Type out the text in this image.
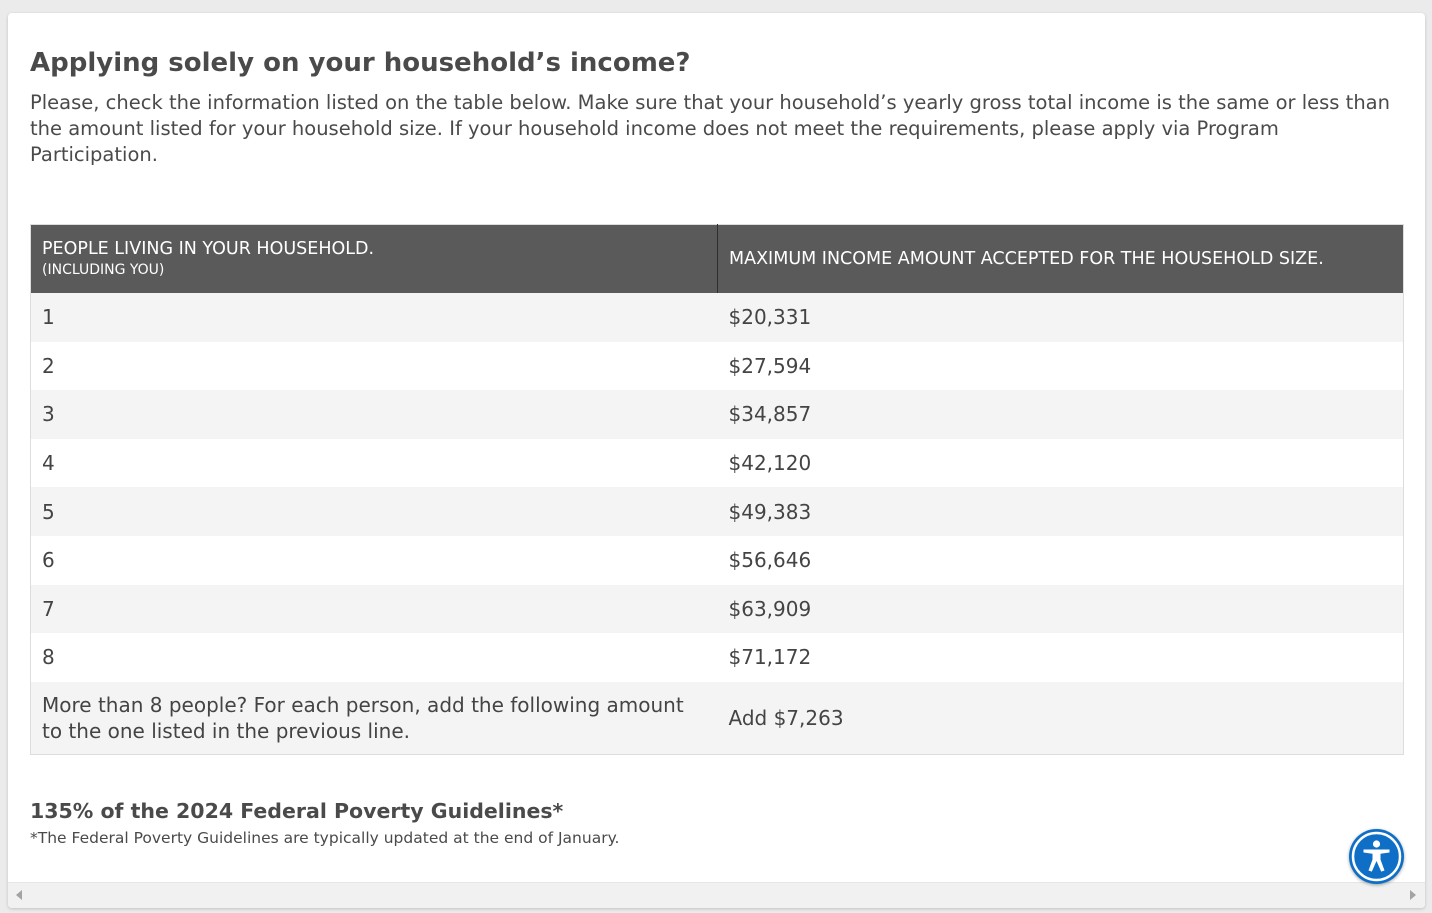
Applying solely on your household’s income?

Please, check the information listed on the table below. Make sure that your household’s yearly gross total income is the same or less than the amount listed for your household size. If your household income does not meet the requirements, please apply via Program Participation.

PEOPLE LIVING IN YOUR HOUSEHOLD.
(INCLUDING YOU)	MAXIMUM INCOME AMOUNT ACCEPTED FOR THE HOUSEHOLD SIZE.

1	$20,331
2	$27,594
3	$34,857
4	$42,120
5	$49,383
6	$56,646
7	$63,909
8	$71,172
More than 8 people? For each person, add the following amount to the one listed in the previous line.	Add $7,263

135% of the 2024 Federal Poverty Guidelines*

*The Federal Poverty Guidelines are typically updated at the end of January.
